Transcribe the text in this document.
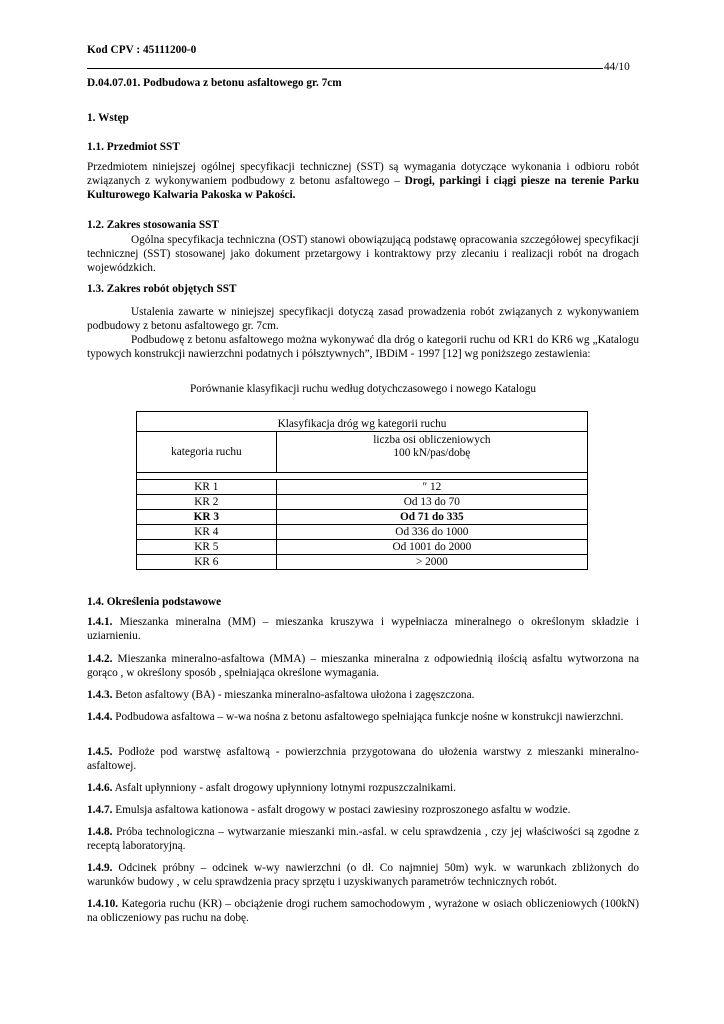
Kod CPV : 45111200-0
44/10
D.04.07.01. Podbudowa z betonu asfaltowego gr. 7cm
1. Wstęp
1.1. Przedmiot SST

Przedmiotem niniejszej ogólnej specyfikacji technicznej (SST) są wymagania dotyczące wykonania i odbioru robót związanych z wykonywaniem podbudowy z betonu asfaltowego – Drogi, parkingi i ciągi piesze na terenie Parku Kulturowego Kalwaria Pakoska w Pakości.

1.2. Zakres stosowania SST

Ogólna specyfikacja techniczna (OST) stanowi obowiązującą podstawę opracowania szczegółowej specyfikacji technicznej (SST) stosowanej jako dokument przetargowy i kontraktowy przy zlecaniu i realizacji robót na drogach wojewódzkich.

1.3. Zakres robót objętych SST

Ustalenia zawarte w niniejszej specyfikacji dotyczą zasad prowadzenia robót związanych z wykonywaniem podbudowy z betonu asfaltowego gr. 7cm.

Podbudowę z betonu asfaltowego można wykonywać dla dróg o kategorii ruchu od KR1 do KR6 wg „Katalogu typowych konstrukcji nawierzchni podatnych i półsztywnych”, IBDiM - 1997 [12] wg poniższego zestawienia:

Porównanie klasyfikacji ruchu według dotychczasowego i nowego Katalogu
Klasyfikacja dróg wg kategorii ruchu	
kategoria ruchu	liczba osi obliczeniowych
100 kN/pas/dobę

KR 1	″ 12
KR 2	Od 13 do 70
KR 3	Od 71 do 335
KR 4	Od 336 do 1000
KR 5	Od 1001 do 2000
KR 6	> 2000
1.4. Określenia podstawowe

1.4.1. Mieszanka mineralna (MM) – mieszanka kruszywa i wypełniacza mineralnego o określonym składzie i uziarnieniu.

1.4.2. Mieszanka mineralno-asfaltowa (MMA) – mieszanka mineralna z odpowiednią ilością asfaltu wytworzona na gorąco , w określony sposób , spełniająca określone wymagania.

1.4.3. Beton asfaltowy (BA) - mieszanka mineralno-asfaltowa ułożona i zagęszczona.

1.4.4. Podbudowa asfaltowa – w-wa nośna z betonu asfaltowego spełniająca funkcje nośne w konstrukcji nawierzchni.

1.4.5. Podłoże pod warstwę asfaltową - powierzchnia przygotowana do ułożenia warstwy z mieszanki mineralno-asfaltowej.

1.4.6. Asfalt upłynniony - asfalt drogowy upłynniony lotnymi rozpuszczalnikami.

1.4.7. Emulsja asfaltowa kationowa - asfalt drogowy w postaci zawiesiny rozproszonego asfaltu w wodzie.

1.4.8. Próba technologiczna – wytwarzanie mieszanki min.-asfal. w celu sprawdzenia , czy jej właściwości są zgodne z receptą laboratoryjną.

1.4.9. Odcinek próbny – odcinek w-wy nawierzchni (o dł. Co najmniej 50m) wyk. w warunkach zbliżonych do warunków budowy , w celu sprawdzenia pracy sprzętu i uzyskiwanych parametrów technicznych robót.

1.4.10. Kategoria ruchu (KR) – obciążenie drogi ruchem samochodowym , wyrażone w osiach obliczeniowych (100kN) na obliczeniowy pas ruchu na dobę.
